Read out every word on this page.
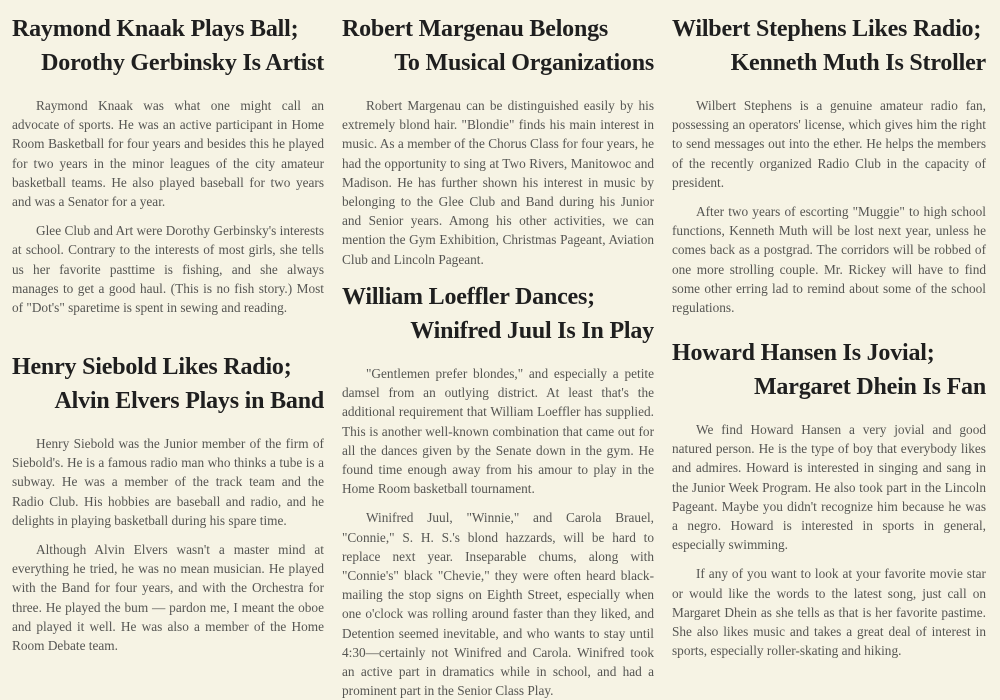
Raymond Knaak Plays Ball;
Dorothy Gerbinsky Is Artist

Raymond Knaak was what one might call an advocate of sports. He was an active participant in Home Room Basketball for four years and besides this he played for two years in the minor leagues of the city amateur basketball teams. He also played baseball for two years and was a Senator for a year.

Glee Club and Art were Dorothy Gerbinsky's interests at school. Contrary to the interests of most girls, she tells us her favorite pasttime is fishing, and she always manages to get a good haul. (This is no fish story.) Most of "Dot's" sparetime is spent in sewing and reading.

Henry Siebold Likes Radio;
Alvin Elvers Plays in Band

Henry Siebold was the Junior member of the firm of Siebold's. He is a famous radio man who thinks a tube is a subway. He was a member of the track team and the Radio Club. His hobbies are baseball and radio, and he delights in playing basketball during his spare time.

Although Alvin Elvers wasn't a master mind at everything he tried, he was no mean musician. He played with the Band for four years, and with the Orchestra for three. He played the bum — pardon me, I meant the oboe and played it well. He was also a member of the Home Room Debate team.

Robert Margenau Belongs
To Musical Organizations

Robert Margenau can be distinguished easily by his extremely blond hair. "Blondie" finds his main interest in music. As a member of the Chorus Class for four years, he had the opportunity to sing at Two Rivers, Manitowoc and Madison. He has further shown his interest in music by belonging to the Glee Club and Band during his Junior and Senior years. Among his other activities, we can mention the Gym Exhibition, Christmas Pageant, Aviation Club and Lincoln Pageant.

William Loeffler Dances;
Winifred Juul Is In Play

"Gentlemen prefer blondes," and especially a petite damsel from an outlying district. At least that's the additional requirement that William Loeffler has supplied. This is another well-known combination that came out for all the dances given by the Senate down in the gym. He found time enough away from his amour to play in the Home Room basketball tournament.

Winifred Juul, "Winnie," and Carola Brauel, "Connie," S. H. S.'s blond hazzards, will be hard to replace next year. Inseparable chums, along with "Connie's" black "Chevie," they were often heard black-mailing the stop signs on Eighth Street, especially when one o'clock was rolling around faster than they liked, and Detention seemed inevitable, and who wants to stay until 4:30—certainly not Winifred and Carola. Winifred took an active part in dramatics while in school, and had a prominent part in the Senior Class Play.

Wilbert Stephens Likes Radio;
Kenneth Muth Is Stroller

Wilbert Stephens is a genuine amateur radio fan, possessing an operators' license, which gives him the right to send messages out into the ether. He helps the members of the recently organized Radio Club in the capacity of president.

After two years of escorting "Muggie" to high school functions, Kenneth Muth will be lost next year, unless he comes back as a postgrad. The corridors will be robbed of one more strolling couple. Mr. Rickey will have to find some other erring lad to remind about some of the school regulations.

Howard Hansen Is Jovial;
Margaret Dhein Is Fan

We find Howard Hansen a very jovial and good natured person. He is the type of boy that everybody likes and admires. Howard is interested in singing and sang in the Junior Week Program. He also took part in the Lincoln Pageant. Maybe you didn't recognize him because he was a negro. Howard is interested in sports in general, especially swimming.

If any of you want to look at your favorite movie star or would like the words to the latest song, just call on Margaret Dhein as she tells as that is her favorite pastime. She also likes music and takes a great deal of interest in sports, especially roller-skating and hiking.
